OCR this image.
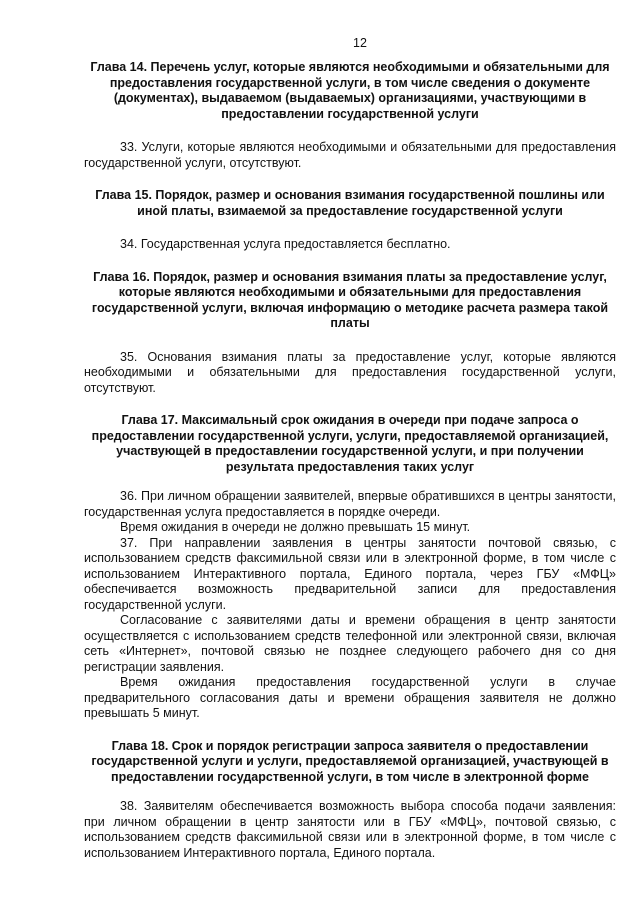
12
Глава 14. Перечень услуг, которые являются необходимыми и обязательными для предоставления государственной услуги, в том числе сведения о документе (документах), выдаваемом (выдаваемых) организациями, участвующими в предоставлении государственной услуги
33. Услуги, которые являются необходимыми и обязательными для предоставления государственной услуги, отсутствуют.
Глава 15. Порядок, размер и основания взимания государственной пошлины или иной платы, взимаемой за предоставление государственной услуги
34. Государственная услуга предоставляется бесплатно.
Глава 16. Порядок, размер и основания взимания платы за предоставление услуг, которые являются необходимыми и обязательными для предоставления государственной услуги, включая информацию о методике расчета размера такой платы
35. Основания взимания платы за предоставление услуг, которые являются необходимыми и обязательными для предоставления государственной услуги, отсутствуют.
Глава 17. Максимальный срок ожидания в очереди при подаче запроса о предоставлении государственной услуги, услуги, предоставляемой организацией, участвующей в предоставлении государственной услуги, и при получении результата предоставления таких услуг
36. При личном обращении заявителей, впервые обратившихся в центры занятости, государственная услуга предоставляется в порядке очереди.
Время ожидания в очереди не должно превышать 15 минут.
37. При направлении заявления в центры занятости почтовой связью, с использованием средств факсимильной связи или в электронной форме, в том числе с использованием Интерактивного портала, Единого портала, через ГБУ «МФЦ» обеспечивается возможность предварительной записи для предоставления государственной услуги.
Согласование с заявителями даты и времени обращения в центр занятости осуществляется с использованием средств телефонной или электронной связи, включая сеть «Интернет», почтовой связью не позднее следующего рабочего дня со дня регистрации заявления.
Время ожидания предоставления государственной услуги в случае предварительного согласования даты и времени обращения заявителя не должно превышать 5 минут.
Глава 18. Срок и порядок регистрации запроса заявителя о предоставлении государственной услуги и услуги, предоставляемой организацией, участвующей в предоставлении государственной услуги, в том числе в электронной форме
38. Заявителям обеспечивается возможность выбора способа подачи заявления: при личном обращении в центр занятости или в ГБУ «МФЦ», почтовой связью, с использованием средств факсимильной связи или в электронной форме, в том числе с использованием Интерактивного портала, Единого портала.
